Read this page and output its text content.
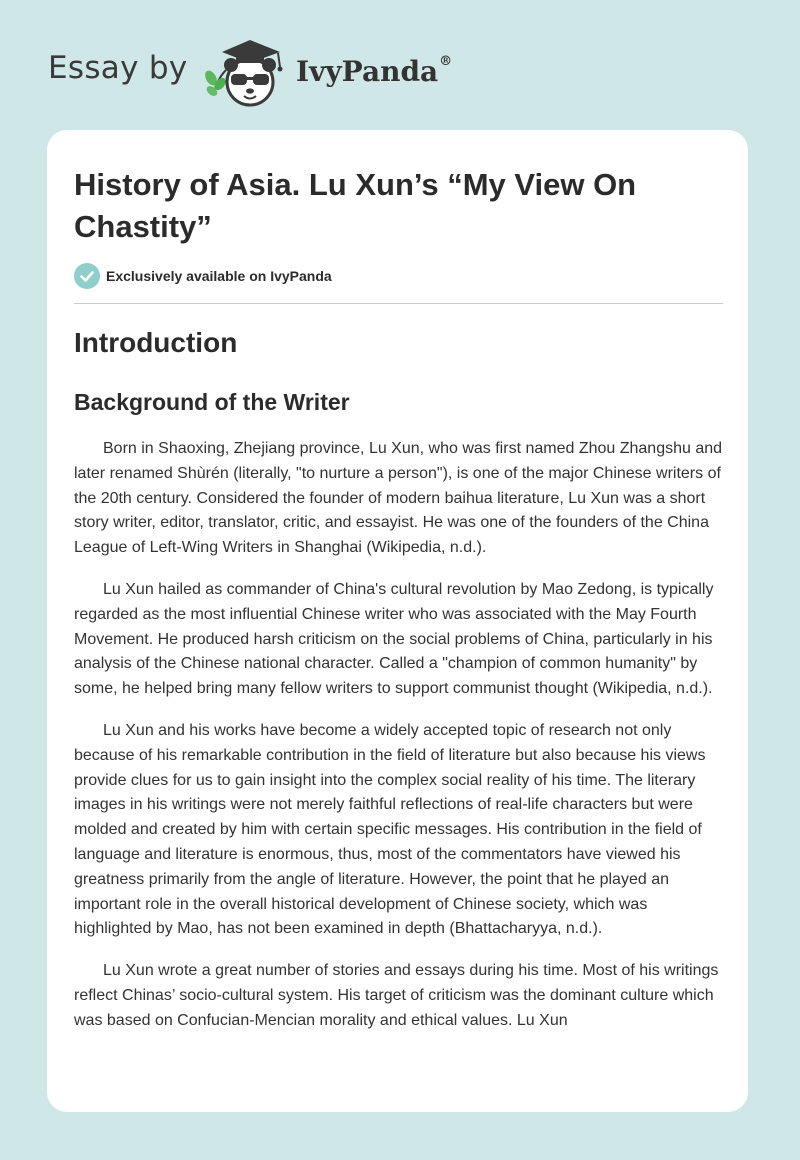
Essay by	IvyPanda®
History of Asia. Lu Xun’s “My View On Chastity”
Exclusively available on IvyPanda
Introduction
Background of the Writer

Born in Shaoxing, Zhejiang province, Lu Xun, who was first named Zhou Zhangshu and later renamed Shùrén (literally, "to nurture a person"), is one of the major Chinese writers of the 20th century. Considered the founder of modern baihua literature, Lu Xun was a short story writer, editor, translator, critic, and essayist. He was one of the founders of the China League of Left-Wing Writers in Shanghai (Wikipedia, n.d.).

Lu Xun hailed as commander of China's cultural revolution by Mao Zedong, is typically regarded as the most influential Chinese writer who was associated with the May Fourth Movement. He produced harsh criticism on the social problems of China, particularly in his analysis of the Chinese national character. Called a "champion of common humanity" by some, he helped bring many fellow writers to support communist thought (Wikipedia, n.d.).

Lu Xun and his works have become a widely accepted topic of research not only because of his remarkable contribution in the field of literature but also because his views provide clues for us to gain insight into the complex social reality of his time. The literary images in his writings were not merely faithful reflections of real-life characters but were molded and created by him with certain specific messages. His contribution in the field of language and literature is enormous, thus, most of the commentators have viewed his greatness primarily from the angle of literature. However, the point that he played an important role in the overall historical development of Chinese society, which was highlighted by Mao, has not been examined in depth (Bhattacharyya, n.d.).

Lu Xun wrote a great number of stories and essays during his time. Most of his writings reflect Chinas’ socio-cultural system. His target of criticism was the dominant culture which was based on Confucian-Mencian morality and ethical values. Lu Xun
